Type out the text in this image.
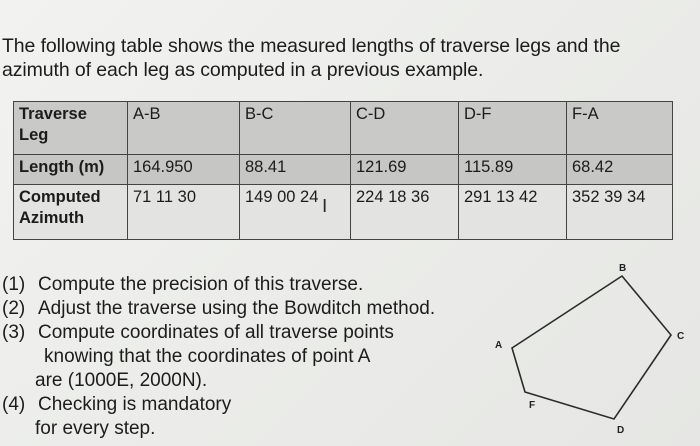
The following table shows the measured lengths of traverse legs and the
azimuth of each leg as computed in a previous example.
Traverse
Leg	A-B	B-C	C-D	D-F	F-A
Length (m)	164.950	88.41	121.69	115.89	68.42

Computed
Azimuth	71 11 30	149 00 24	224 18 36	291 13 42	352 39 34
I
(1) Compute the precision of this traverse.
(2) Adjust the traverse using the Bowditch method.
(3) Compute coordinates of all traverse points
knowing that the coordinates of point A
are (1000E, 2000N).
(4) Checking is mandatory
for every step.
A
B
C
D
F
